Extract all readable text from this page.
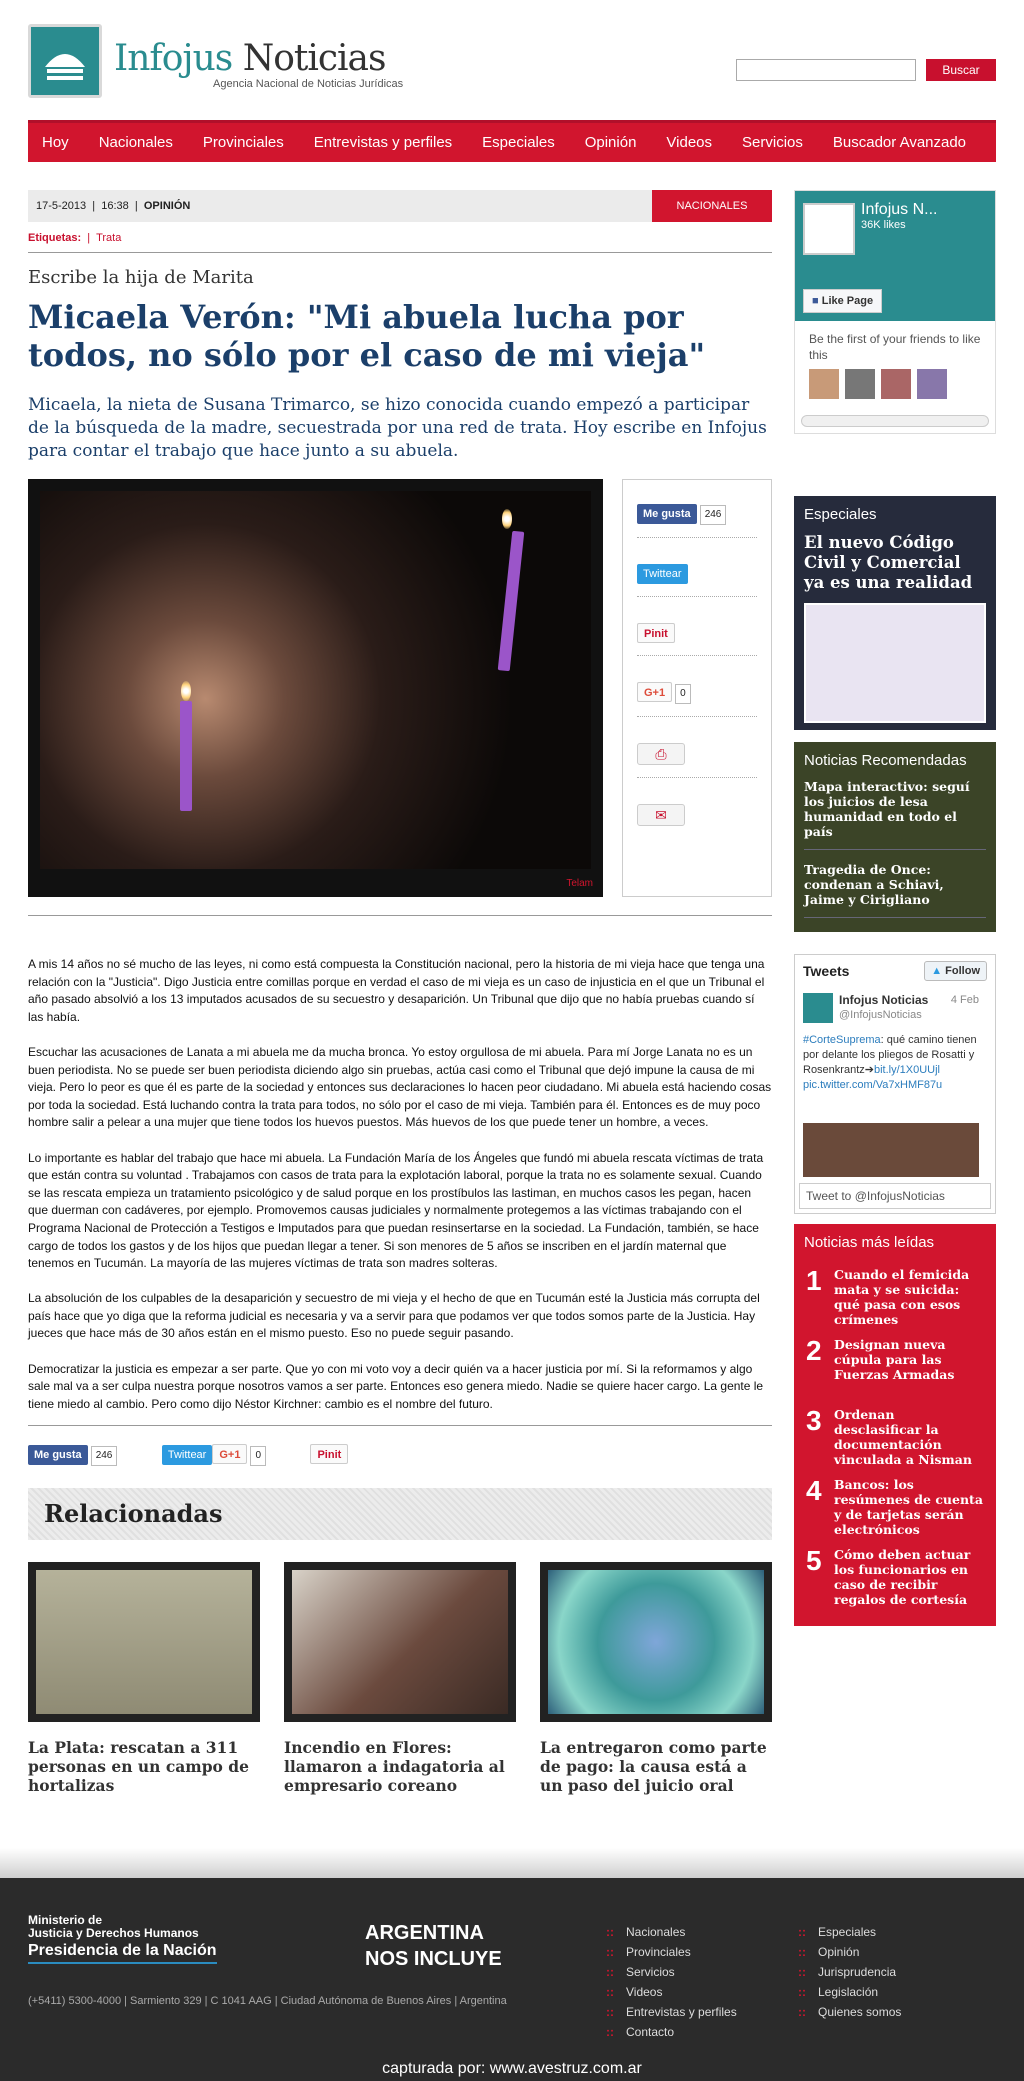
Infojus Noticias
Agencia Nacional de Noticias Jurídicas
Buscar
Hoy Nacionales Provinciales Entrevistas y perfiles Especiales Opinión Videos Servicios Buscador Avanzado
17-5-2013  |  16:38  |  OPINIÓN	NACIONALES
Etiquetas:  |  Trata
Escribe la hija de Marita
Micaela Verón: "Mi abuela lucha por todos, no sólo por el caso de mi vieja"
Micaela, la nieta de Susana Trimarco, se hizo conocida cuando empezó a participar de la búsqueda de la madre, secuestrada por una red de trata. Hoy escribe en Infojus para contar el trabajo que hace junto a su abuela.
Telam
Me gusta 246
Twittear
Pinit
G+1 0
⎙
✉

A mis 14 años no sé mucho de las leyes, ni como está compuesta la Constitución nacional, pero la historia de mi vieja hace que tenga una relación con la "Justicia". Digo Justicia entre comillas porque en verdad el caso de mi vieja es un caso de injusticia en el que un Tribunal el año pasado absolvió a los 13 imputados acusados de su secuestro y desaparición. Un Tribunal que dijo que no había pruebas cuando sí las había.

Escuchar las acusaciones de Lanata a mi abuela me da mucha bronca. Yo estoy orgullosa de mi abuela. Para mí Jorge Lanata no es un buen periodista. No se puede ser buen periodista diciendo algo sin pruebas, actúa casi como el Tribunal que dejó impune la causa de mi vieja. Pero lo peor es que él es parte de la sociedad y entonces sus declaraciones lo hacen peor ciudadano. Mi abuela está haciendo cosas por toda la sociedad. Está luchando contra la trata para todos, no sólo por el caso de mi vieja. También para él. Entonces es de muy poco hombre salir a pelear a una mujer que tiene todos los huevos puestos. Más huevos de los que puede tener un hombre, a veces.

Lo importante es hablar del trabajo que hace mi abuela. La Fundación María de los Ángeles que fundó mi abuela rescata víctimas de trata que están contra su voluntad . Trabajamos con casos de trata para la explotación laboral, porque la trata no es solamente sexual. Cuando se las rescata empieza un tratamiento psicológico y de salud porque en los prostíbulos las lastiman, en muchos casos les pegan, hacen que duerman con cadáveres, por ejemplo. Promovemos causas judiciales y normalmente protegemos a las víctimas trabajando con el Programa Nacional de Protección a Testigos e Imputados para que puedan resinsertarse en la sociedad. La Fundación, también, se hace cargo de todos los gastos y de los hijos que puedan llegar a tener. Si son menores de 5 años se inscriben en el jardín maternal que tenemos en Tucumán. La mayoría de las mujeres víctimas de trata son madres solteras.

La absolución de los culpables de la desaparición y secuestro de mi vieja y el hecho de que en Tucumán esté la Justicia más corrupta del país hace que yo diga que la reforma judicial es necesaria y va a servir para que podamos ver que todos somos parte de la Justicia. Hay jueces que hace más de 30 años están en el mismo puesto. Eso no puede seguir pasando.

Democratizar la justicia es empezar a ser parte. Que yo con mi voto voy a decir quién va a hacer justicia por mí. Si la reformamos y algo sale mal va a ser culpa nuestra porque nosotros vamos a ser parte. Entonces eso genera miedo. Nadie se quiere hacer cargo. La gente le tiene miedo al cambio. Pero como dijo Néstor Kirchner: cambio es el nombre del futuro.

Me gusta 246	Twittear G+1 0	Pinit
Relacionadas
La Plata: rescatan a 311 personas en un campo de hortalizas
Incendio en Flores: llamaron a indagatoria al empresario coreano
La entregaron como parte de pago: la causa está a un paso del juicio oral
Infojus N...
36K likes
■ Like Page
Be the first of your friends to like this
Especiales
El nuevo Código Civil y Comercial ya es una realidad
Noticias Recomendadas
Mapa interactivo: seguí los juicios de lesa humanidad en todo el país
Tragedia de Once: condenan a Schiavi, Jaime y Cirigliano
Tweets	▲ Follow
Infojus Noticias
@InfojusNoticias
4 Feb
#CorteSuprema: qué camino tienen por delante los pliegos de Rosatti y Rosenkrantz➔bit.ly/1X0UUjl pic.twitter.com/Va7xHMF87u
Tweet to @InfojusNoticias
Noticias más leídas
1 Cuando el femicida mata y se suicida: qué pasa con esos crímenes
2 Designan nueva cúpula para las Fuerzas Armadas
3 Ordenan desclasificar la documentación vinculada a Nisman
4 Bancos: los resúmenes de cuenta y de tarjetas serán electrónicos
5 Cómo deben actuar los funcionarios en caso de recibir regalos de cortesía
Ministerio de
Justicia y Derechos Humanos
Presidencia de la Nación
ARGENTINA
NOS INCLUYE
(+5411) 5300-4000 | Sarmiento 329 | C 1041 AAG | Ciudad Autónoma de Buenos Aires | Argentina
:: Nacionales
:: Provinciales
:: Servicios
:: Videos
:: Entrevistas y perfiles
:: Contacto
:: Especiales
:: Opinión
:: Jurisprudencia
:: Legislación
:: Quienes somos
capturada por: www.avestruz.com.ar
